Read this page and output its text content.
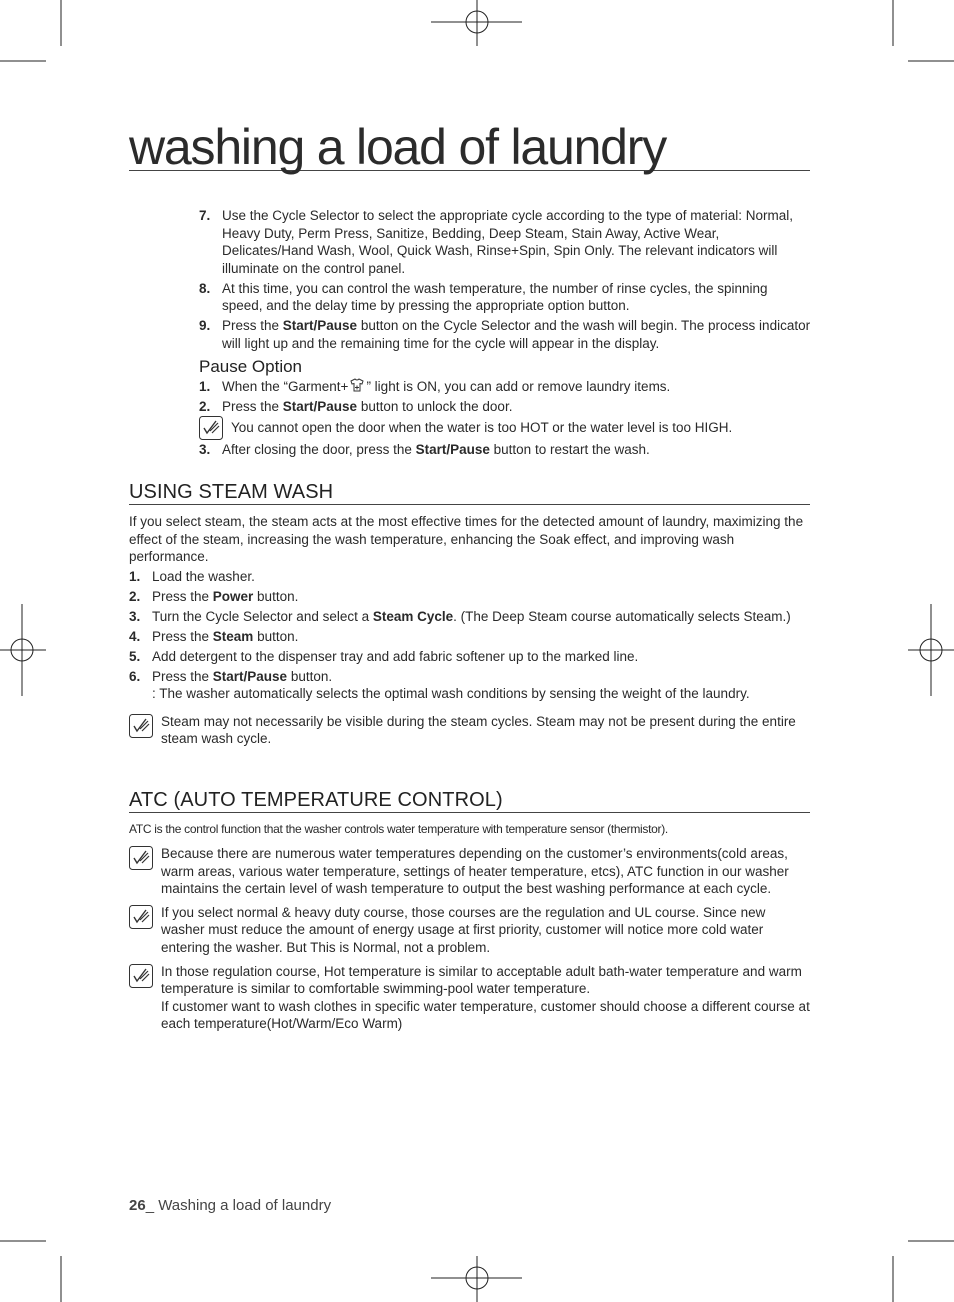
washing a load of laundry
7. Use the Cycle Selector to select the appropriate cycle according to the type of material: Normal, Heavy Duty, Perm Press, Sanitize, Bedding, Deep Steam, Stain Away, Active Wear, Delicates/Hand Wash, Wool, Quick Wash, Rinse+Spin, Spin Only. The relevant indicators will illuminate on the control panel.
8. At this time, you can control the wash temperature, the number of rinse cycles, the spinning speed, and the delay time by pressing the appropriate option button.
9. Press the Start/Pause button on the Cycle Selector and the wash will begin. The process indicator will light up and the remaining time for the cycle will appear in the display.
Pause Option
1. When the “Garment+ ” light is ON, you can add or remove laundry items.
2. Press the Start/Pause button to unlock the door.
You cannot open the door when the water is too HOT or the water level is too HIGH.
3. After closing the door, press the Start/Pause button to restart the wash.
USING STEAM WASH

If you select steam, the steam acts at the most effective times for the detected amount of laundry, maximizing the effect of the steam, increasing the wash temperature, enhancing the Soak effect, and improving wash performance.

1. Load the washer.
2. Press the Power button.
3. Turn the Cycle Selector and select a Steam Cycle. (The Deep Steam course automatically selects Steam.)
4. Press the Steam button.
5. Add detergent to the dispenser tray and add fabric softener up to the marked line.
6. Press the Start/Pause button.
: The washer automatically selects the optimal wash conditions by sensing the weight of the laundry.
Steam may not necessarily be visible during the steam cycles. Steam may not be present during the entire steam wash cycle.
ATC (AUTO TEMPERATURE CONTROL)

ATC is the control function that the washer controls water temperature with temperature sensor (thermistor).

Because there are numerous water temperatures depending on the customer’s environments(cold areas, warm areas, various water temperature, settings of heater temperature, etcs), ATC function in our washer maintains the certain level of wash temperature to output the best washing performance at each cycle.
If you select normal & heavy duty course, those courses are the regulation and UL course. Since new washer must reduce the amount of energy usage at first priority, customer will notice more cold water entering the washer. But This is Normal, not a problem.
In those regulation course, Hot temperature is similar to acceptable adult bath-water temperature and warm temperature is similar to comfortable swimming-pool water temperature.
If customer want to wash clothes in specific water temperature, customer should choose a different course at each temperature(Hot/Warm/Eco Warm)
26_ Washing a load of laundry
